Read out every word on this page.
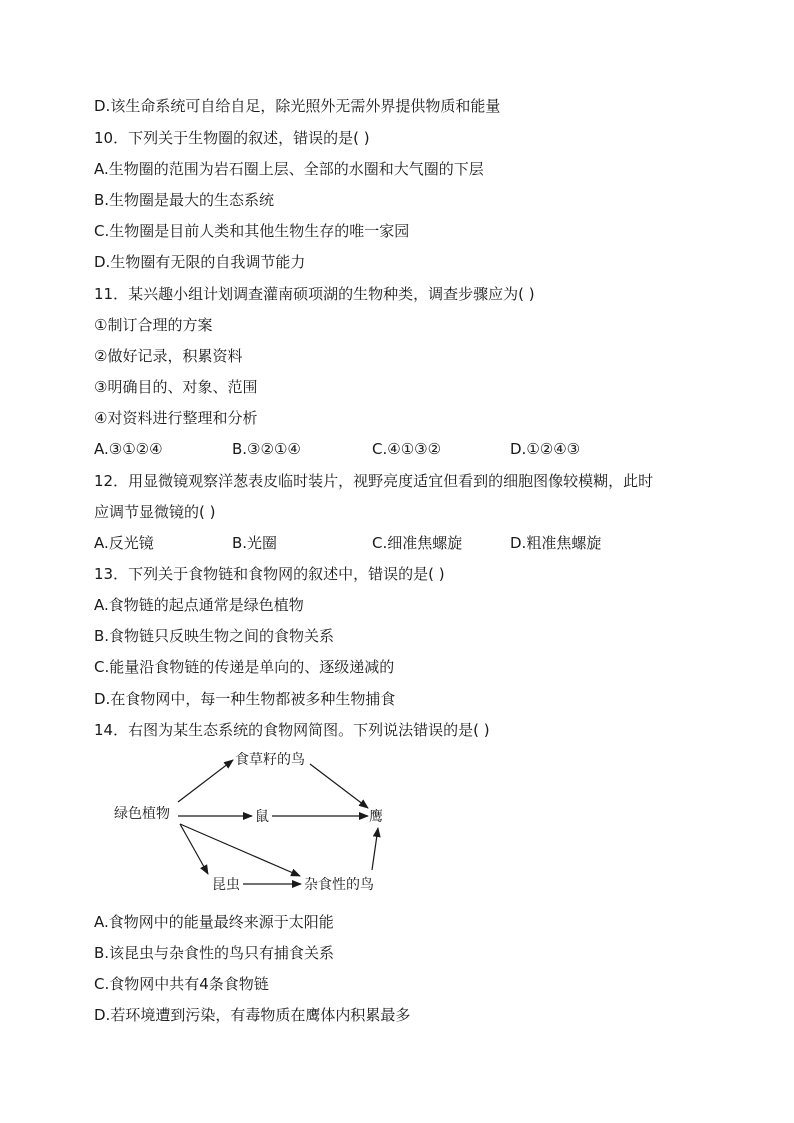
D.该生命系统可自给自足，除光照外无需外界提供物质和能量
10．下列关于生物圈的叙述，错误的是( )
A.生物圈的范围为岩石圈上层、全部的水圈和大气圈的下层
B.生物圈是最大的生态系统
C.生物圈是目前人类和其他生物生存的唯一家园
D.生物圈有无限的自我调节能力
11．某兴趣小组计划调查灌南硕项湖的生物种类，调查步骤应为( )
①制订合理的方案
②做好记录，积累资料
③明确目的、对象、范围
④对资料进行整理和分析
A.③①②④	B.③②①④	C.④①③②	D.①②④③
12．用显微镜观察洋葱表皮临时装片，视野亮度适宜但看到的细胞图像较模糊，此时
应调节显微镜的( )
A.反光镜	B.光圈	C.细准焦螺旋	D.粗准焦螺旋
13．下列关于食物链和食物网的叙述中，错误的是( )
A.食物链的起点通常是绿色植物
B.食物链只反映生物之间的食物关系
C.能量沿食物链的传递是单向的、逐级递减的
D.在食物网中，每一种生物都被多种生物捕食
14．右图为某生态系统的食物网简图。下列说法错误的是( )
绿色植物
食草籽的鸟
鼠	鹰
昆虫	杂食性的鸟
A.食物网中的能量最终来源于太阳能
B.该昆虫与杂食性的鸟只有捕食关系
C.食物网中共有4条食物链
D.若环境遭到污染，有毒物质在鹰体内积累最多
